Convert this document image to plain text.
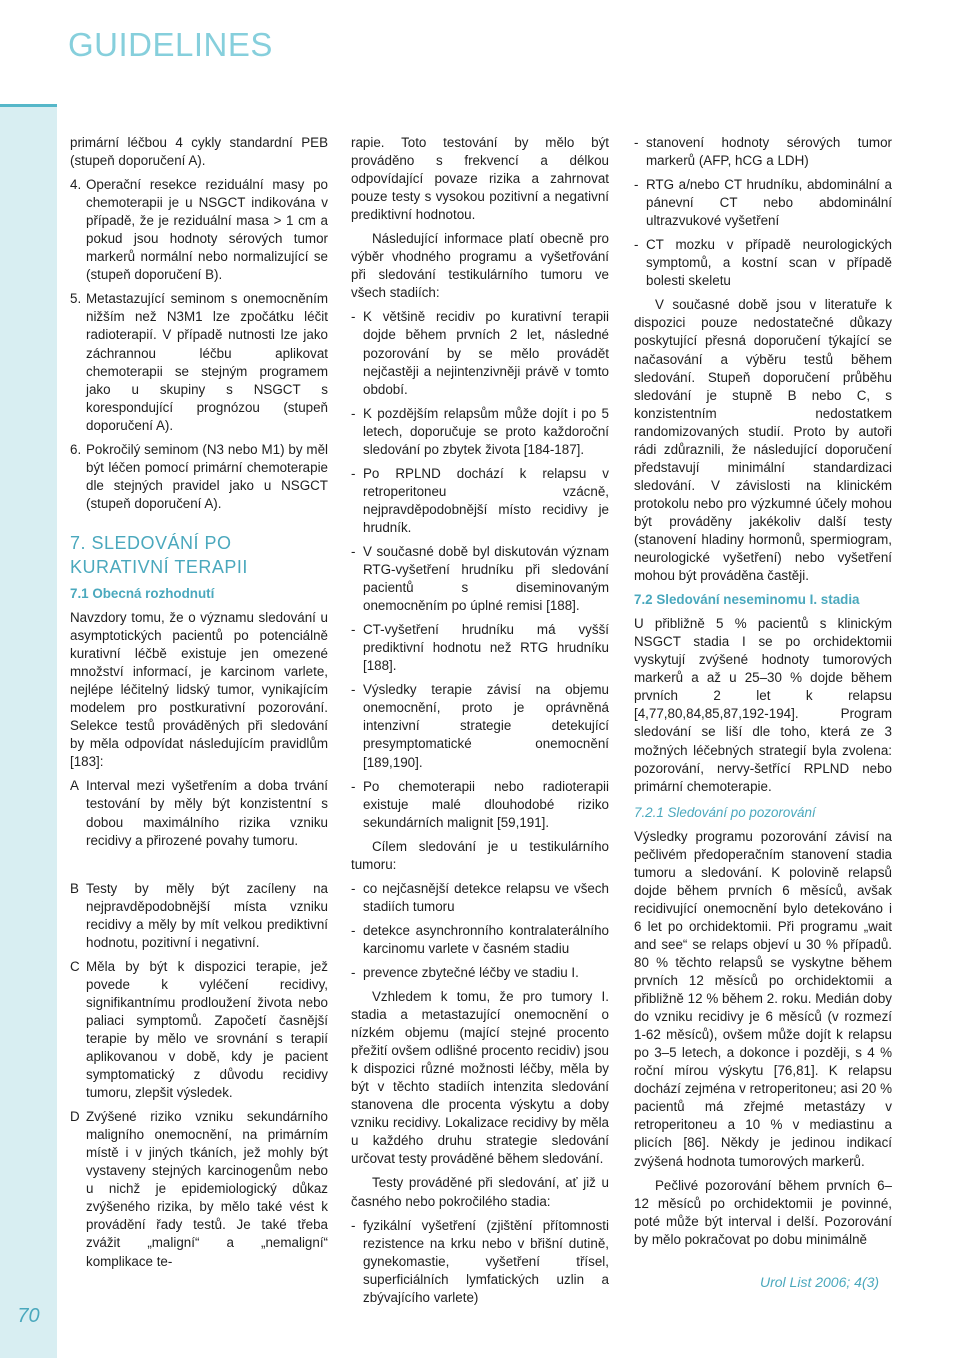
GUIDELINES

primární léčbou 4 cykly standardní PEB (stupeň doporučení A).

4. Operační resekce reziduální masy po chemoterapii je u NSGCT indikována v případě, že je reziduální masa > 1 cm a pokud jsou hodnoty sérových tumor markerů normální nebo normalizující se (stupeň doporučení B).
5. Metastazující seminom s onemocněním nižším než N3M1 lze zpočátku léčit radioterapií. V případě nutnosti lze jako záchrannou léčbu aplikovat chemoterapii se stejným programem jako u skupiny s NSGCT s korespondující prognózou (stupeň doporučení A).
6. Pokročilý seminom (N3 nebo M1) by měl být léčen pomocí primární chemoterapie dle stejných pravidel jako u NSGCT (stupeň doporučení A).
7. SLEDOVÁNÍ PO KURATIVNÍ TERAPII
7.1 Obecná rozhodnutí

Navzdory tomu, že o významu sledování u asymptotických pacientů po potenciálně kurativní léčbě existuje jen omezené množství informací, je karcinom varlete, nejlépe léčitelný lidský tumor, vynikajícím modelem pro postkurativní pozorování. Selekce testů prováděných při sledování by měla odpovídat následujícím pravidlům [183]:

A Interval mezi vyšetřením a doba trvání testování by měly být konzistentní s dobou maximálního rizika vzniku recidivy a přirozené povahy tumoru.
B Testy by měly být zacíleny na nejpravděpodobnější místa vzniku recidivy a měly by mít velkou prediktivní hodnotu, pozitivní i negativní.
C Měla by být k dispozici terapie, jež povede k vyléčení recidivy, signifikantnímu prodloužení života nebo paliaci symptomů. Započetí časnější terapie by mělo ve srovnání s terapií aplikovanou v době, kdy je pacient symptomatický z důvodu recidivy tumoru, zlepšit výsledek.
D Zvýšené riziko vzniku sekundárního maligního onemocnění, na primárním místě i v jiných tkáních, jež mohly být vystaveny stejných karcinogenům nebo u nichž je epidemiologický důkaz zvýšeného rizika, by mělo také vést k provádění řady testů. Je také třeba zvážit „maligní“ a „nemaligní“ komplikace te-

rapie. Toto testování by mělo být prováděno s frekvencí a délkou odpovídající povaze rizika a zahrnovat pouze testy s vysokou pozitivní a negativní prediktivní hodnotou.

Následující informace platí obecně pro výběr vhodného programu a vyšetřování při sledování testikulárního tumoru ve všech stadiích:

- K většině recidiv po kurativní terapii dojde během prvních 2 let, následné pozorování by se mělo provádět nejčastěji a nejintenzivněji právě v tomto období.
- K pozdějším relapsům může dojít i po 5 letech, doporučuje se proto každoroční sledování po zbytek života [184-187].
- Po RPLND dochází k relapsu v retroperitoneu vzácně, nejpravděpodobnější místo recidivy je hrudník.
- V současné době byl diskutován význam RTG-vyšetření hrudníku při sledování pacientů s diseminovaným onemocněním po úplné remisi [188].
- CT-vyšetření hrudníku má vyšší prediktivní hodnotu než RTG hrudníku [188].
- Výsledky terapie závisí na objemu onemocnění, proto je oprávněná intenzivní strategie detekující presymptomatické onemocnění [189,190].
- Po chemoterapii nebo radioterapii existuje malé dlouhodobé riziko sekundárních malignit [59,191].

Cílem sledování je u testikulárního tumoru:

- co nejčasnější detekce relapsu ve všech stadiích tumoru
- detekce asynchronního kontralaterálního karcinomu varlete v časném stadiu
- prevence zbytečné léčby ve stadiu I.

Vzhledem k tomu, že pro tumory I. stadia a metastazující onemocnění o nízkém objemu (mající stejné procento přežití ovšem odlišné procento recidiv) jsou k dispozici různé možnosti léčby, měla by být v těchto stadiích intenzita sledování stanovena dle procenta výskytu a doby vzniku recidivy. Lokalizace recidivy by měla u každého druhu strategie sledování určovat testy prováděné během sledování.

Testy prováděné při sledování, ať již u časného nebo pokročilého stadia:

- fyzikální vyšetření (zjištění přítomnosti rezistence na krku nebo v břišní dutině, gynekomastie, vyšetření třísel, superficiálních lymfatických uzlin a zbývajícího varlete)
- stanovení hodnoty sérových tumor markerů (AFP, hCG a LDH)
- RTG a/nebo CT hrudníku, abdominální a pánevní CT nebo abdominální ultrazvukové vyšetření
- CT mozku v případě neurologických symptomů, a kostní scan v případě bolesti skeletu

V současné době jsou v literatuře k dispozici pouze nedostatečné důkazy poskytující přesná doporučení týkající se načasování a výběru testů během sledování. Stupeň doporučení průběhu sledování je stupně B nebo C, s konzistentním nedostatkem randomizovaných studií. Proto by autoři rádi zdůraznili, že následující doporučení představují minimální standardizaci sledování. V závislosti na klinickém protokolu nebo pro výzkumné účely mohou být prováděny jakékoliv další testy (stanovení hladiny hormonů, spermiogram, neurologické vyšetření) nebo vyšetření mohou být prováděna častěji.

7.2 Sledování neseminomu I. stadia

U přibližně 5 % pacientů s klinickým NSGCT stadia I se po orchidektomii vyskytují zvýšené hodnoty tumorových markerů a až u 25–30 % dojde během prvních 2 let k relapsu [4,77,80,84,85,87,192-194]. Program sledování se liší dle toho, která ze 3 možných léčebných strategií byla zvolena: pozorování, nervy-šetřící RPLND nebo primární chemoterapie.

7.2.1 Sledování po pozorování

Výsledky programu pozorování závisí na pečlivém předoperačním stanovení stadia tumoru a sledování. K polovině relapsů dojde během prvních 6 měsíců, avšak recidivující onemocnění bylo detekováno i 6 let po orchidektomii. Při programu „wait and see“ se relaps objeví u 30 % případů. 80 % těchto relapsů se vyskytne během prvních 12 měsíců po orchidektomii a přibližně 12 % během 2. roku. Medián doby do vzniku recidivy je 6 měsíců (v rozmezí 1-62 měsíců), ovšem může dojít k relapsu po 3–5 letech, a dokonce i později, s 4 % roční mírou výskytu [76,81]. K relapsu dochází zejména v retroperitoneu; asi 20 % pacientů má zřejmé metastázy v retroperitoneu a 10 % v mediastinu a plicích [86]. Někdy je jedinou indikací zvýšená hodnota tumorových markerů.

Pečlivé pozorování během prvních 6–12 měsíců po orchidektomii je povinné, poté může být interval i delší. Pozorování by mělo pokračovat po dobu minimálně

70
Urol List 2006; 4(3)
